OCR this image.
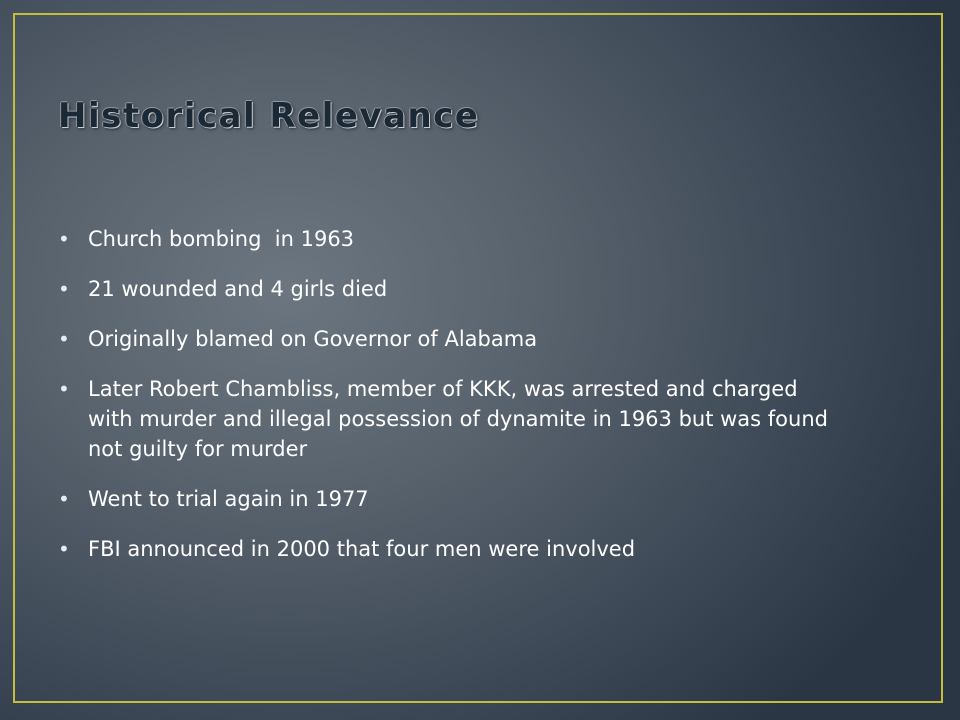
Historical Relevance
• Church bombing  in 1963
• 21 wounded and 4 girls died
• Originally blamed on Governor of Alabama
• Later Robert Chambliss, member of KKK, was arrested and charged with murder and illegal possession of dynamite in 1963 but was found not guilty for murder
• Went to trial again in 1977
• FBI announced in 2000 that four men were involved
